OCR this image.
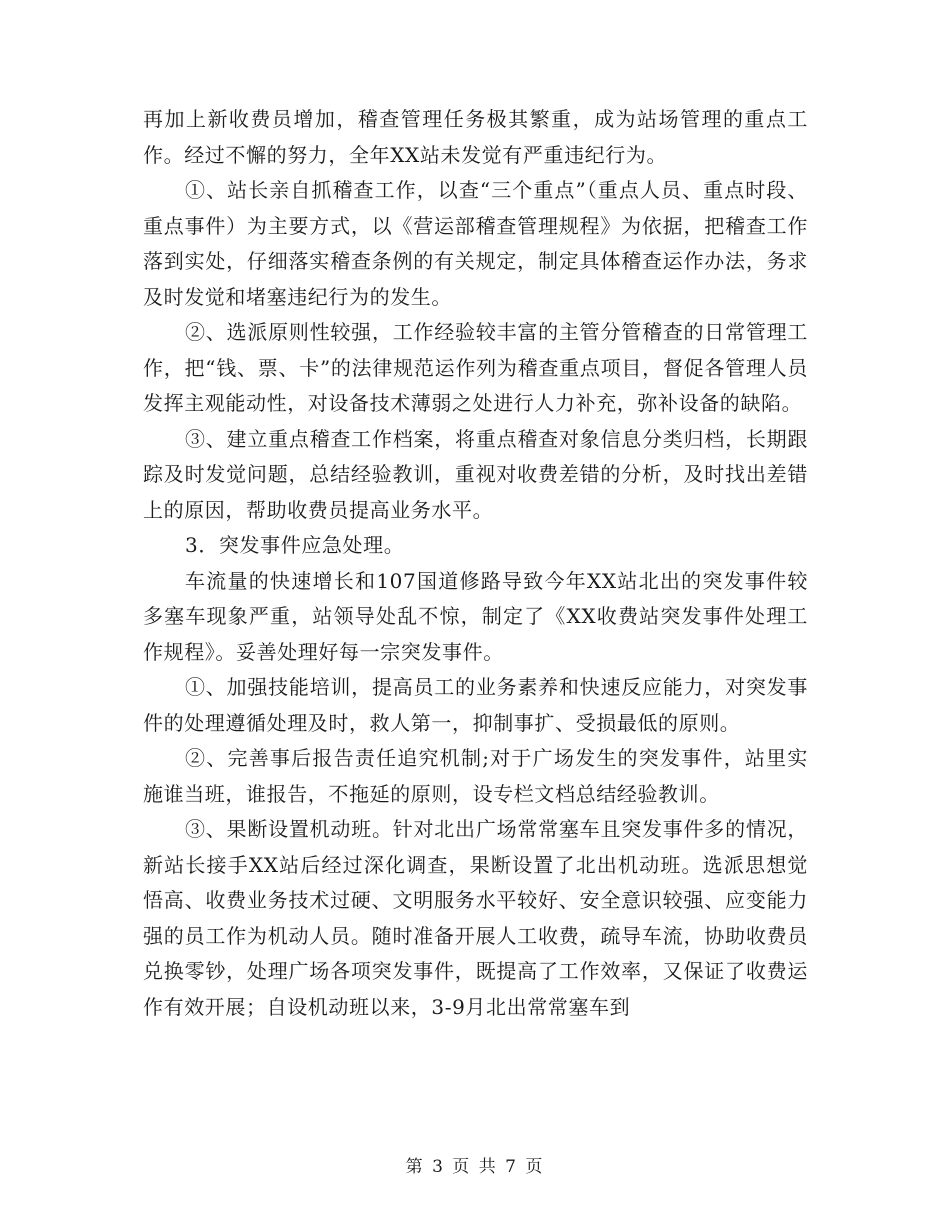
再加上新收费员增加，稽查管理任务极其繁重，成为站场管理的重点工作。经过不懈的努力，全年XX站未发觉有严重违纪行为。

①、站长亲自抓稽查工作，以查“三个重点”（重点人员、重点时段、重点事件）为主要方式，以《营运部稽查管理规程》为依据，把稽查工作落到实处，仔细落实稽查条例的有关规定，制定具体稽查运作办法，务求及时发觉和堵塞违纪行为的发生。

②、选派原则性较强，工作经验较丰富的主管分管稽查的日常管理工作，把“钱、票、卡”的法律规范运作列为稽查重点项目，督促各管理人员发挥主观能动性，对设备技术薄弱之处进行人力补充，弥补设备的缺陷。

③、建立重点稽查工作档案，将重点稽查对象信息分类归档，长期跟踪及时发觉问题，总结经验教训，重视对收费差错的分析，及时找出差错上的原因，帮助收费员提高业务水平。

3．突发事件应急处理。

车流量的快速增长和107国道修路导致今年XX站北出的突发事件较多塞车现象严重，站领导处乱不惊，制定了《XX收费站突发事件处理工作规程》。妥善处理好每一宗突发事件。

①、加强技能培训，提高员工的业务素养和快速反应能力，对突发事件的处理遵循处理及时，救人第一，抑制事扩、受损最低的原则。

②、完善事后报告责任追究机制;对于广场发生的突发事件，站里实施谁当班，谁报告，不拖延的原则，设专栏文档总结经验教训。

③、果断设置机动班。针对北出广场常常塞车且突发事件多的情况，新站长接手XX站后经过深化调查，果断设置了北出机动班。选派思想觉悟高、收费业务技术过硬、文明服务水平较好、安全意识较强、应变能力强的员工作为机动人员。随时准备开展人工收费，疏导车流，协助收费员兑换零钞，处理广场各项突发事件，既提高了工作效率，又保证了收费运作有效开展；自设机动班以来，3-9月北出常常塞车到

第 3 页 共 7 页
